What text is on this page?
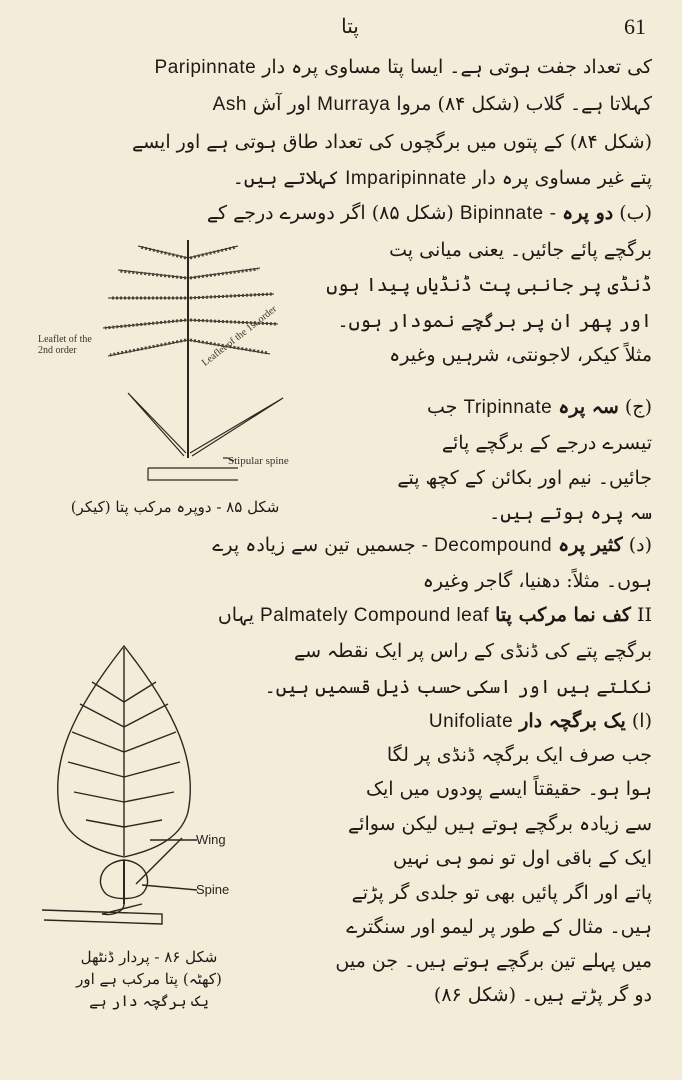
پتا	61
کی تعداد جفت ہوتی ہے۔ ایسا پتا مساوی پرہ دار Paripinnate
کہلاتا ہے۔ گلاب (شکل ۸۴) مروا Murraya اور آش Ash
(شکل ۸۴) کے پتوں میں برگچوں کی تعداد طاق ہوتی ہے اور ایسے
پتے غیر مساوی پرہ دار Imparipinnate کہلاتے ہیں۔
(ب) دو پرہ - Bipinnate (شکل ۸۵) اگر دوسرے درجے کے
برگچے پائے جائیں۔ یعنی میانی پت
ڈنڈی پر جانبی پت ڈنڈیاں پیدا ہوں
اور پھر ان پر برگچے نمودار ہوں۔
مثلاً کیکر، لاجونتی، شرہیں وغیرہ
(ج) سہ پرہ Tripinnate جب
تیسرے درجے کے برگچے پائے
جائیں۔ نیم اور بکائن کے کچھ پتے
سہ پرہ ہوتے ہیں۔
(د) کثیر پرہ Decompound - جسمیں تین سے زیادہ پرے
ہوں۔ مثلاً: دھنیا، گاجر وغیرہ
II کف نما مرکب پتا Palmately Compound leaf یہاں
برگچے پتے کی ڈنڈی کے راس پر ایک نقطہ سے
نکلتے ہیں اور اسکی حسب ذیل قسمیں ہیں۔
(ا) یک برگچہ دار Unifoliate
جب صرف ایک برگچہ ڈنڈی پر لگا
ہوا ہو۔ حقیقتاً ایسے پودوں میں ایک
سے زیادہ برگچے ہوتے ہیں لیکن سوائے
ایک کے باقی اول تو نمو ہی نہیں
پاتے اور اگر پائیں بھی تو جلدی گر پڑتے
ہیں۔ مثال کے طور پر لیمو اور سنگترے
میں پہلے تین برگچے ہوتے ہیں۔ جن میں
دو گر پڑتے ہیں۔ (شکل ۸۶)
Leaflet of the
2nd order	Leaflet of the 1st order
Stipular spine
شکل ۸۵ - دوپرہ مرکب پتا (کیکر)
Wing
Spine
شکل ۸۶ - پردار ڈنٹھل
(کھٹہ) پتا مرکب ہے اور
یک برگچہ دار ہے
